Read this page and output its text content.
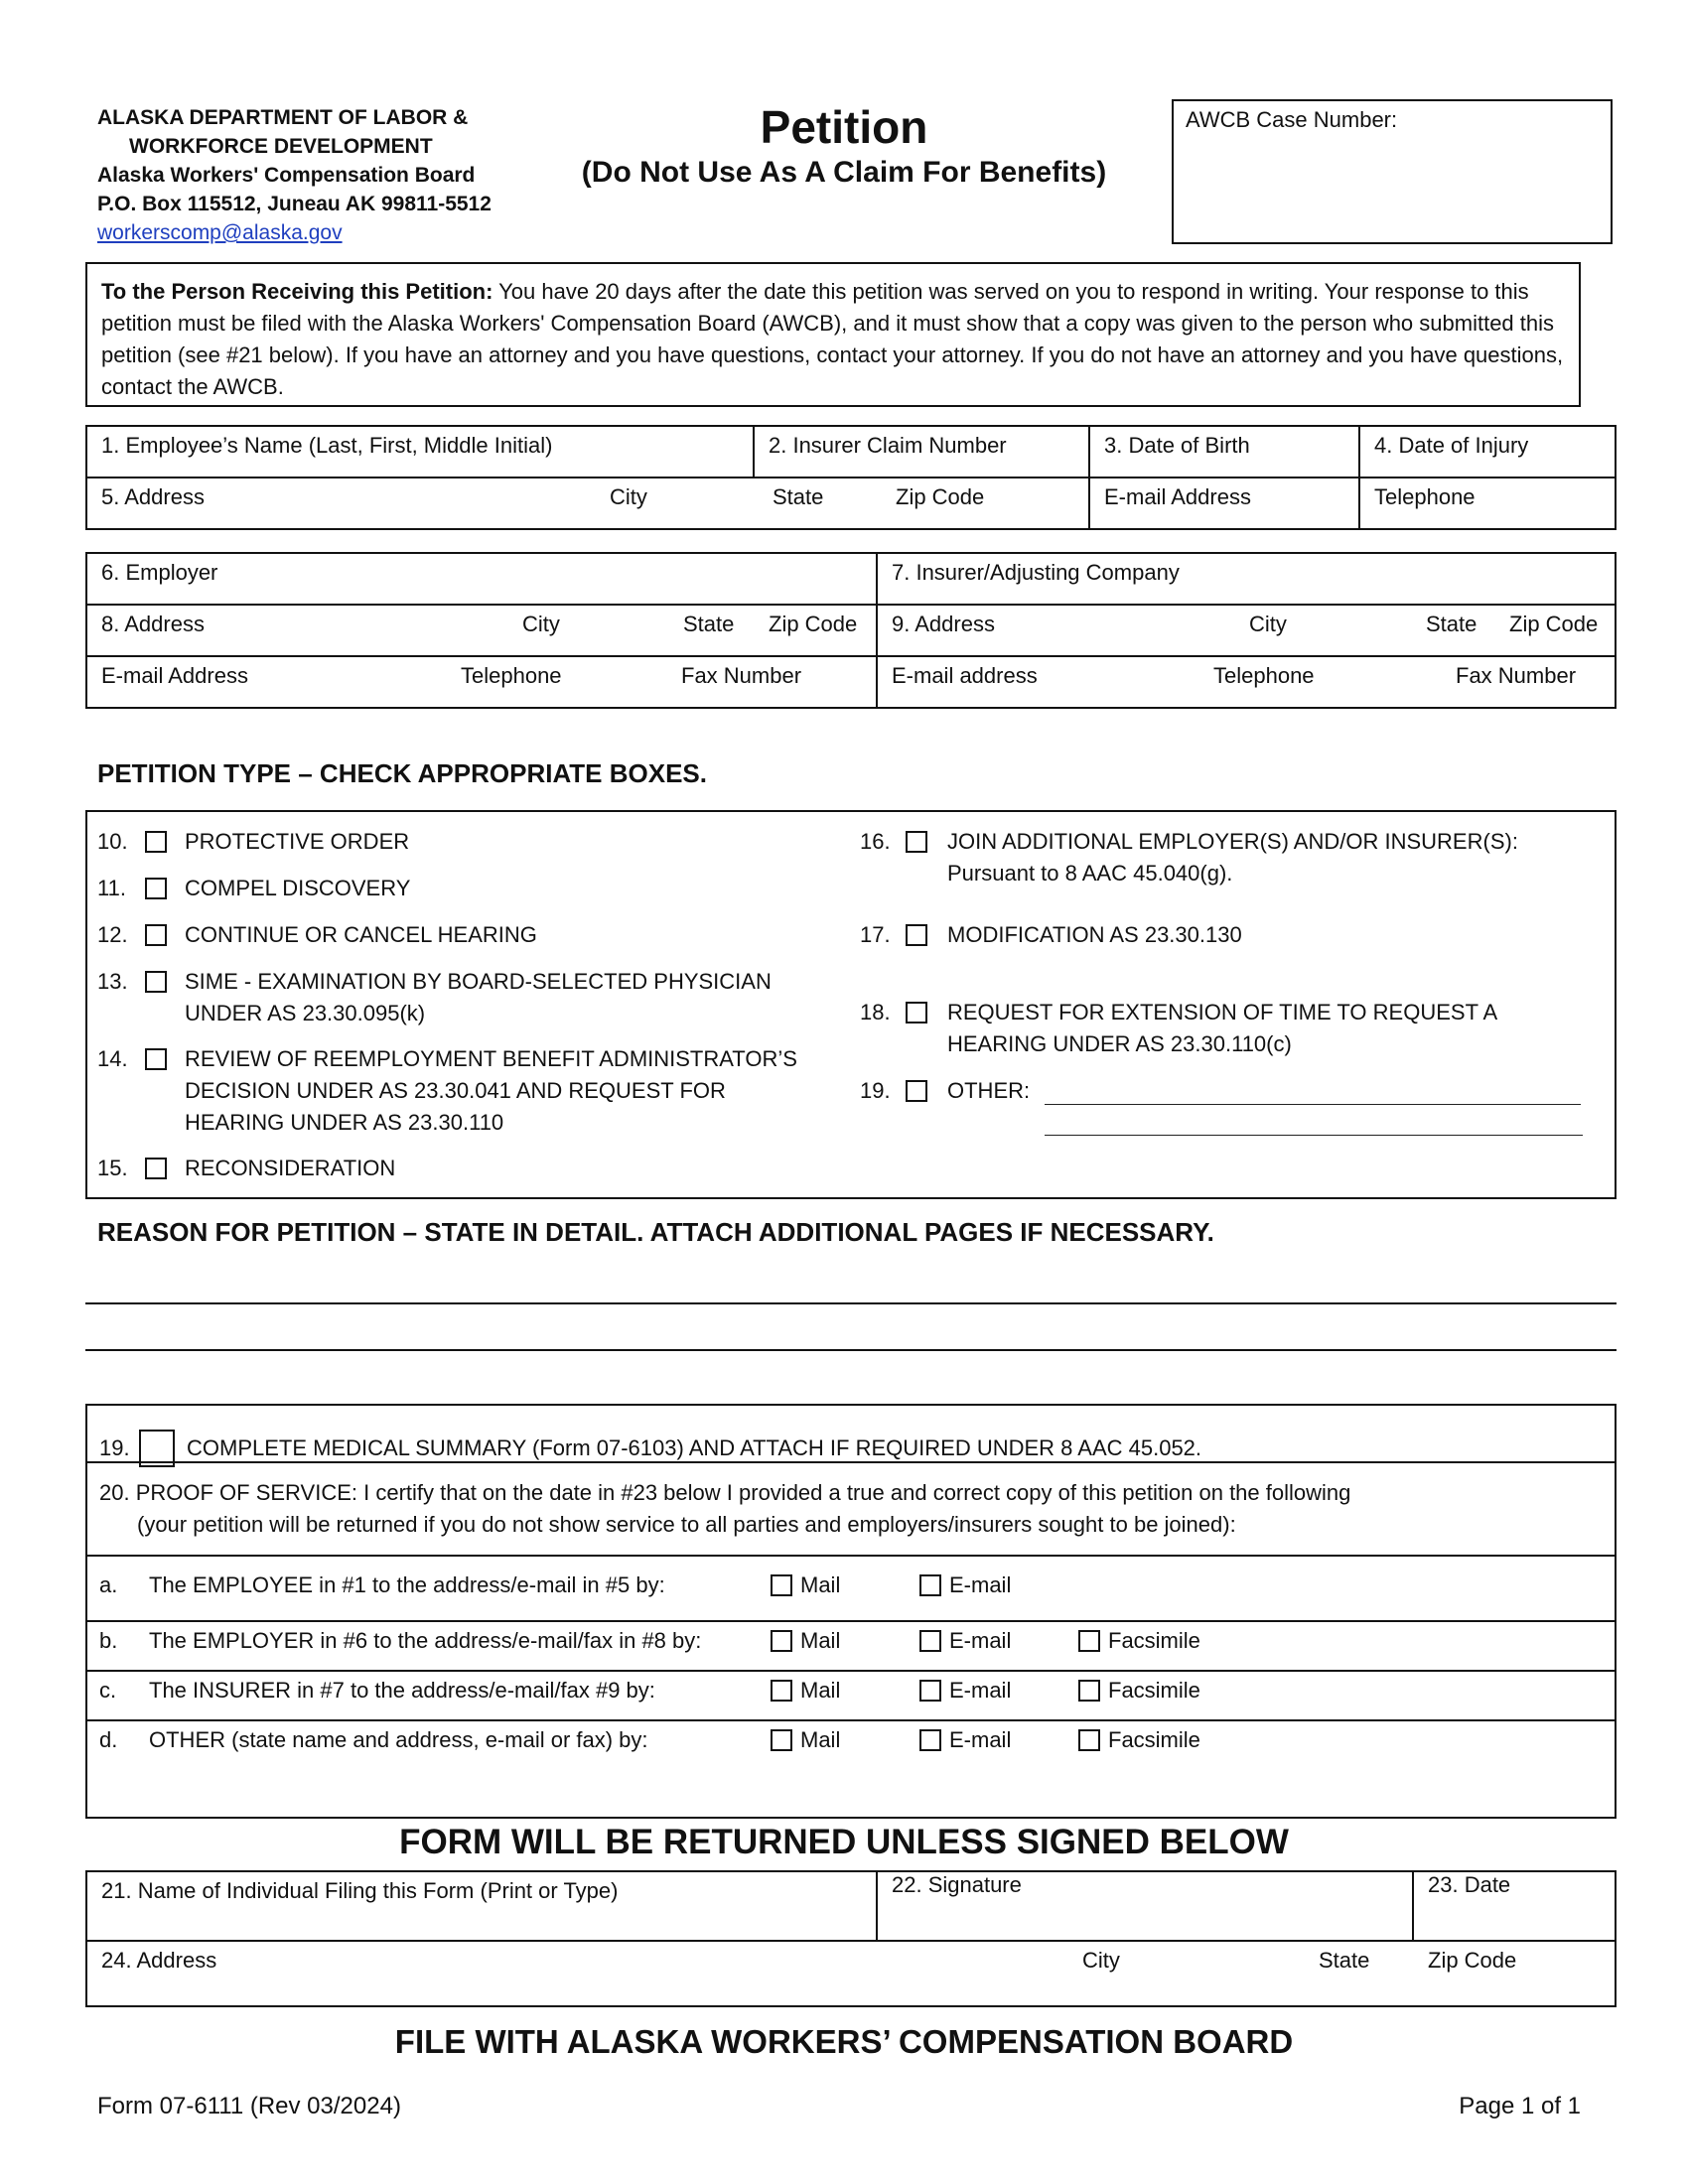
ALASKA DEPARTMENT OF LABOR &
WORKFORCE DEVELOPMENT
Alaska Workers' Compensation Board
P.O. Box 115512, Juneau AK 99811-5512
workerscomp@alaska.gov
Petition
(Do Not Use As A Claim For Benefits)
AWCB Case Number:
To the Person Receiving this Petition: You have 20 days after the date this petition was served on you to respond in writing. Your response to this petition must be filed with the Alaska Workers' Compensation Board (AWCB), and it must show that a copy was given to the person who submitted this petition (see #21 below). If you have an attorney and you have questions, contact your attorney. If you do not have an attorney and you have questions, contact the AWCB.
1. Employee’s Name (Last, First, Middle Initial)	2. Insurer Claim Number	3. Date of Birth	4. Date of Injury

5. Address City State Zip Code		E-mail Address	Telephone
6. Employer	7. Insurer/Adjusting Company

8. Address City State Zip Code	9. Address City State Zip Code

E-mail Address Telephone Fax Number	E-mail address Telephone Fax Number
PETITION TYPE – CHECK APPROPRIATE BOXES.
10.	PROTECTIVE ORDER
11.	COMPEL DISCOVERY
12.	CONTINUE OR CANCEL HEARING
13.	SIME - EXAMINATION BY BOARD-SELECTED PHYSICIAN
UNDER AS 23.30.095(k)
14.	REVIEW OF REEMPLOYMENT BENEFIT ADMINISTRATOR’S
DECISION UNDER AS 23.30.041 AND REQUEST FOR
HEARING UNDER AS 23.30.110
15.	RECONSIDERATION
16.	JOIN ADDITIONAL EMPLOYER(S) AND/OR INSURER(S):
Pursuant to 8 AAC 45.040(g).
17.	MODIFICATION AS 23.30.130
18.	REQUEST FOR EXTENSION OF TIME TO REQUEST A
HEARING UNDER AS 23.30.110(c)
19.	OTHER:
REASON FOR PETITION – STATE IN DETAIL. ATTACH ADDITIONAL PAGES IF NECESSARY.
19.	COMPLETE MEDICAL SUMMARY (Form 07-6103) AND ATTACH IF REQUIRED UNDER 8 AAC 45.052.
20. PROOF OF SERVICE: I certify that on the date in #23 below I provided a true and correct copy of this petition on the following
(your petition will be returned if you do not show service to all parties and employers/insurers sought to be joined):
a. The EMPLOYEE in #1 to the address/e-mail in #5 by:	Mail	E-mail
b. The EMPLOYER in #6 to the address/e-mail/fax in #8 by:	Mail	E-mail	Facsimile
c. The INSURER in #7 to the address/e-mail/fax #9 by:	Mail	E-mail	Facsimile
d. OTHER (state name and address, e-mail or fax) by:	Mail	E-mail	Facsimile
FORM WILL BE RETURNED UNLESS SIGNED BELOW
21. Name of Individual Filing this Form (Print or Type)	22. Signature	23. Date

24. Address	City	State	Zip Code
FILE WITH ALASKA WORKERS’ COMPENSATION BOARD
Form 07-6111 (Rev 03/2024)	Page 1 of 1
